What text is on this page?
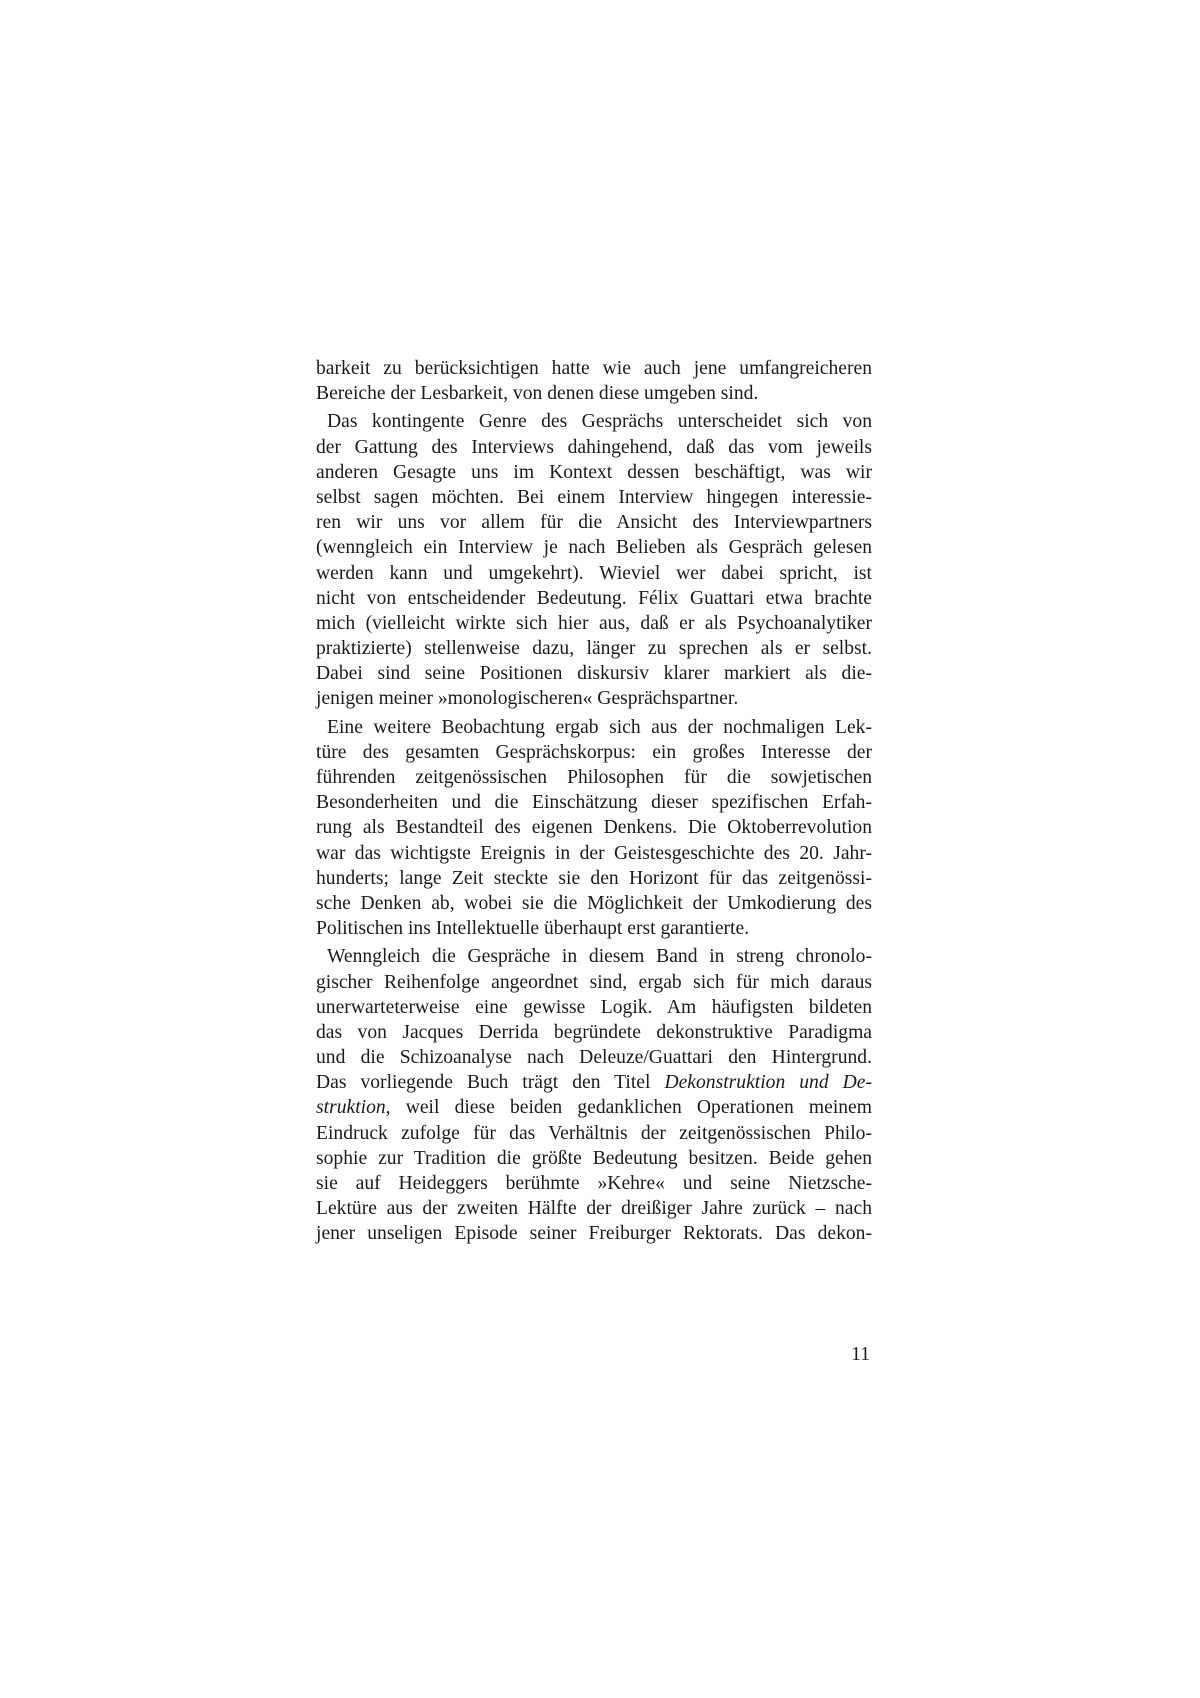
barkeit zu berücksichtigen hatte wie auch jene umfangreicheren
Bereiche der Lesbarkeit, von denen diese umgeben sind.
Das kontingente Genre des Gesprächs unterscheidet sich von
der Gattung des Interviews dahingehend, daß das vom jeweils
anderen Gesagte uns im Kontext dessen beschäftigt, was wir
selbst sagen möchten. Bei einem Interview hingegen interessie-
ren wir uns vor allem für die Ansicht des Interviewpartners
(wenngleich ein Interview je nach Belieben als Gespräch gelesen
werden kann und umgekehrt). Wieviel wer dabei spricht, ist
nicht von entscheidender Bedeutung. Félix Guattari etwa brachte
mich (vielleicht wirkte sich hier aus, daß er als Psychoanalytiker
praktizierte) stellenweise dazu, länger zu sprechen als er selbst.
Dabei sind seine Positionen diskursiv klarer markiert als die-
jenigen meiner »monologischeren« Gesprächspartner.
Eine weitere Beobachtung ergab sich aus der nochmaligen Lek-
türe des gesamten Gesprächskorpus: ein großes Interesse der
führenden zeitgenössischen Philosophen für die sowjetischen
Besonderheiten und die Einschätzung dieser spezifischen Erfah-
rung als Bestandteil des eigenen Denkens. Die Oktoberrevolution
war das wichtigste Ereignis in der Geistesgeschichte des 20. Jahr-
hunderts; lange Zeit steckte sie den Horizont für das zeitgenössi-
sche Denken ab, wobei sie die Möglichkeit der Umkodierung des
Politischen ins Intellektuelle überhaupt erst garantierte.
Wenngleich die Gespräche in diesem Band in streng chronolo-
gischer Reihenfolge angeordnet sind, ergab sich für mich daraus
unerwarteterweise eine gewisse Logik. Am häufigsten bildeten
das von Jacques Derrida begründete dekonstruktive Paradigma
und die Schizoanalyse nach Deleuze/Guattari den Hintergrund.
Das vorliegende Buch trägt den Titel Dekonstruktion und De-
struktion, weil diese beiden gedanklichen Operationen meinem
Eindruck zufolge für das Verhältnis der zeitgenössischen Philo-
sophie zur Tradition die größte Bedeutung besitzen. Beide gehen
sie auf Heideggers berühmte »Kehre« und seine Nietzsche-
Lektüre aus der zweiten Hälfte der dreißiger Jahre zurück – nach
jener unseligen Episode seiner Freiburger Rektorats. Das dekon-
11
